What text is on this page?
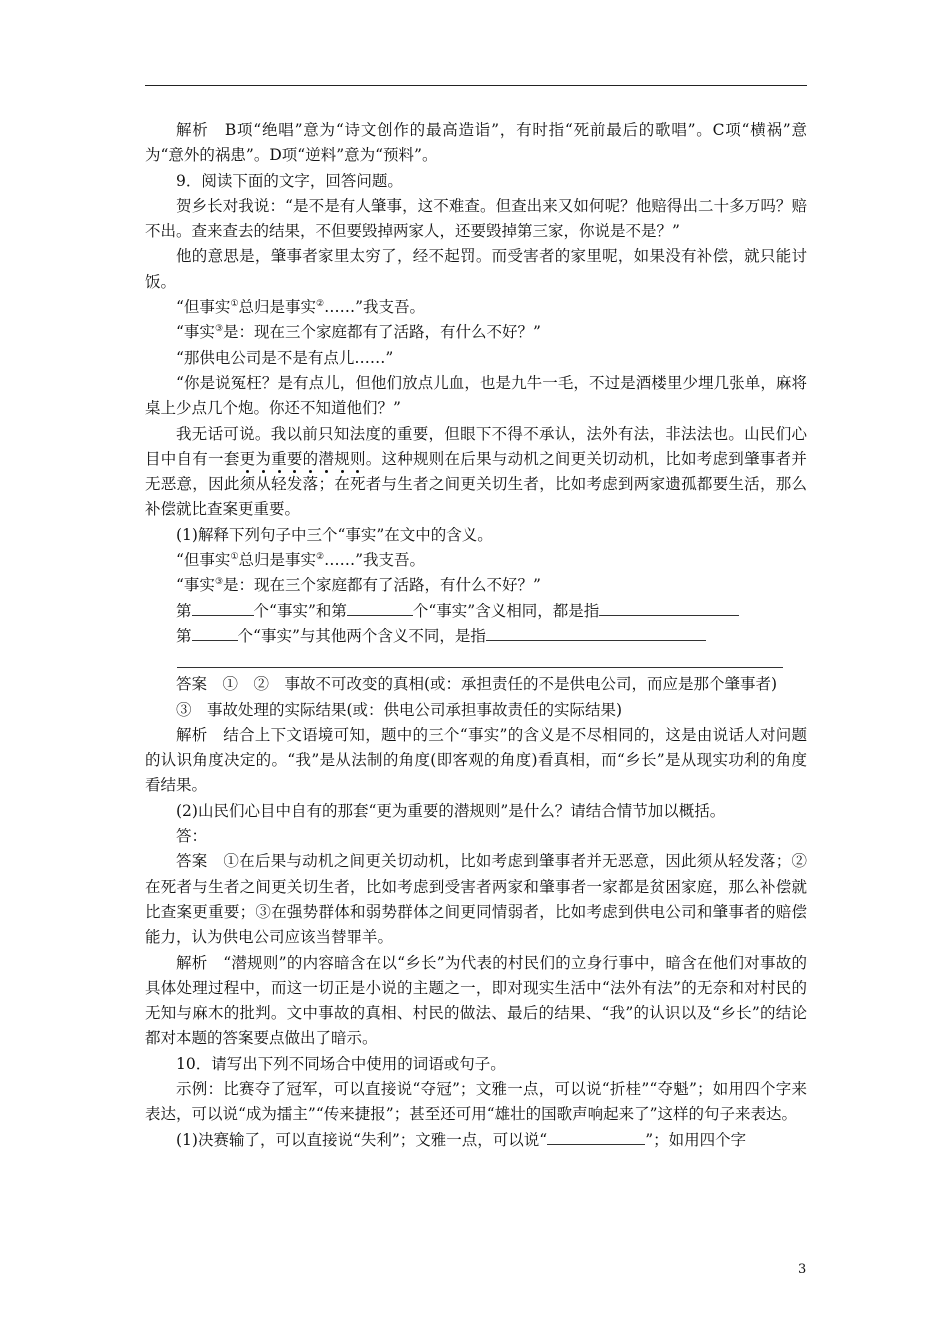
解析　B项“绝唱”意为“诗文创作的最高造诣”，有时指“死前最后的歌唱”。C项“横祸”意为“意外的祸患”。D项“逆料”意为“预料”。

9．阅读下面的文字，回答问题。

贺乡长对我说：“是不是有人肇事，这不难查。但查出来又如何呢？他赔得出二十多万吗？赔不出。查来查去的结果，不但要毁掉两家人，还要毁掉第三家，你说是不是？”

他的意思是，肇事者家里太穷了，经不起罚。而受害者的家里呢，如果没有补偿，就只能讨饭。

“但事实①总归是事实②……”我支吾。

“事实③是：现在三个家庭都有了活路，有什么不好？”

“那供电公司是不是有点儿……”

“你是说冤枉？是有点儿，但他们放点儿血，也是九牛一毛，不过是酒楼里少埋几张单，麻将桌上少点几个炮。你还不知道他们？”

我无话可说。我以前只知法度的重要，但眼下不得不承认，法外有法，非法法也。山民们心目中自有一套更为重要的潜规则。这种规则在后果与动机之间更关切动机，比如考虑到肇事者并无恶意，因此须从轻发落；在死者与生者之间更关切生者，比如考虑到两家遗孤都要生活，那么补偿就比查案更重要。

(1)解释下列句子中三个“事实”在文中的含义。

“但事实①总归是事实②……”我支吾。

“事实③是：现在三个家庭都有了活路，有什么不好？”

第	个“事实”和第	个“事实”含义相同，都是指

第	个“事实”与其他两个含义不同，是指

答案　①　②　事故不可改变的真相(或：承担责任的不是供电公司，而应是那个肇事者)

③　事故处理的实际结果(或：供电公司承担事故责任的实际结果)

解析　结合上下文语境可知，题中的三个“事实”的含义是不尽相同的，这是由说话人对问题的认识角度决定的。“我”是从法制的角度(即客观的角度)看真相，而“乡长”是从现实功利的角度看结果。

(2)山民们心目中自有的那套“更为重要的潜规则”是什么？请结合情节加以概括。

答：

答案　①在后果与动机之间更关切动机，比如考虑到肇事者并无恶意，因此须从轻发落；②在死者与生者之间更关切生者，比如考虑到受害者两家和肇事者一家都是贫困家庭，那么补偿就比查案更重要；③在强势群体和弱势群体之间更同情弱者，比如考虑到供电公司和肇事者的赔偿能力，认为供电公司应该当替罪羊。

解析　“潜规则”的内容暗含在以“乡长”为代表的村民们的立身行事中，暗含在他们对事故的具体处理过程中，而这一切正是小说的主题之一，即对现实生活中“法外有法”的无奈和对村民的无知与麻木的批判。文中事故的真相、村民的做法、最后的结果、“我”的认识以及“乡长”的结论都对本题的答案要点做出了暗示。

10．请写出下列不同场合中使用的词语或句子。

示例：比赛夺了冠军，可以直接说“夺冠”；文雅一点，可以说“折桂”“夺魁”；如用四个字来表达，可以说“成为擂主”“传来捷报”；甚至还可用“雄壮的国歌声响起来了”这样的句子来表达。

(1)决赛输了，可以直接说“失利”；文雅一点，可以说“	”；如用四个字

3
